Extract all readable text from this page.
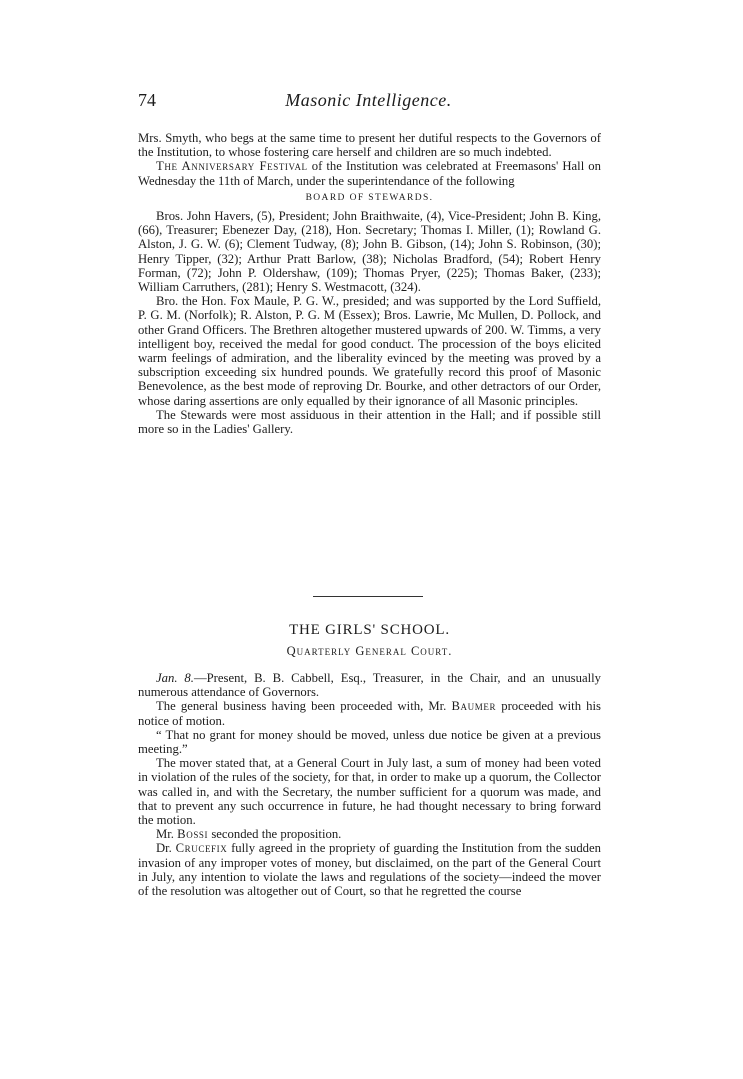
74	Masonic Intelligence.

Mrs. Smyth, who begs at the same time to present her dutiful respects to the Governors of the Institution, to whose fostering care herself and children are so much indebted.

The Anniversary Festival of the Institution was celebrated at Freemasons' Hall on Wednesday the 11th of March, under the superintendance of the following

BOARD OF STEWARDS.

Bros. John Havers, (5), President; John Braithwaite, (4), Vice-President; John B. King, (66), Treasurer; Ebenezer Day, (218), Hon. Secretary; Thomas I. Miller, (1); Rowland G. Alston, J. G. W. (6); Clement Tudway, (8); John B. Gibson, (14); John S. Robinson, (30); Henry Tipper, (32); Arthur Pratt Barlow, (38); Nicholas Bradford, (54); Robert Henry Forman, (72); John P. Oldershaw, (109); Thomas Pryer, (225); Thomas Baker, (233); William Carruthers, (281); Henry S. Westmacott, (324).

Bro. the Hon. Fox Maule, P. G. W., presided; and was supported by the Lord Suffield, P. G. M. (Norfolk); R. Alston, P. G. M (Essex); Bros. Lawrie, Mc Mullen, D. Pollock, and other Grand Officers. The Brethren altogether mustered upwards of 200. W. Timms, a very intelligent boy, received the medal for good conduct. The procession of the boys elicited warm feelings of admiration, and the liberality evinced by the meeting was proved by a subscription exceeding six hundred pounds. We gratefully record this proof of Masonic Benevolence, as the best mode of reproving Dr. Bourke, and other detractors of our Order, whose daring assertions are only equalled by their ignorance of all Masonic principles.

The Stewards were most assiduous in their attention in the Hall; and if possible still more so in the Ladies' Gallery.

THE GIRLS' SCHOOL.
Quarterly General Court.

Jan. 8.—Present, B. B. Cabbell, Esq., Treasurer, in the Chair, and an unusually numerous attendance of Governors.

The general business having been proceeded with, Mr. Baumer proceeded with his notice of motion.

“ That no grant for money should be moved, unless due notice be given at a previous meeting.”

The mover stated that, at a General Court in July last, a sum of money had been voted in violation of the rules of the society, for that, in order to make up a quorum, the Collector was called in, and with the Secretary, the number sufficient for a quorum was made, and that to prevent any such occurrence in future, he had thought necessary to bring forward the motion.

Mr. Bossi seconded the proposition.

Dr. Crucefix fully agreed in the propriety of guarding the Institution from the sudden invasion of any improper votes of money, but disclaimed, on the part of the General Court in July, any intention to violate the laws and regulations of the society—indeed the mover of the resolution was altogether out of Court, so that he regretted the course
